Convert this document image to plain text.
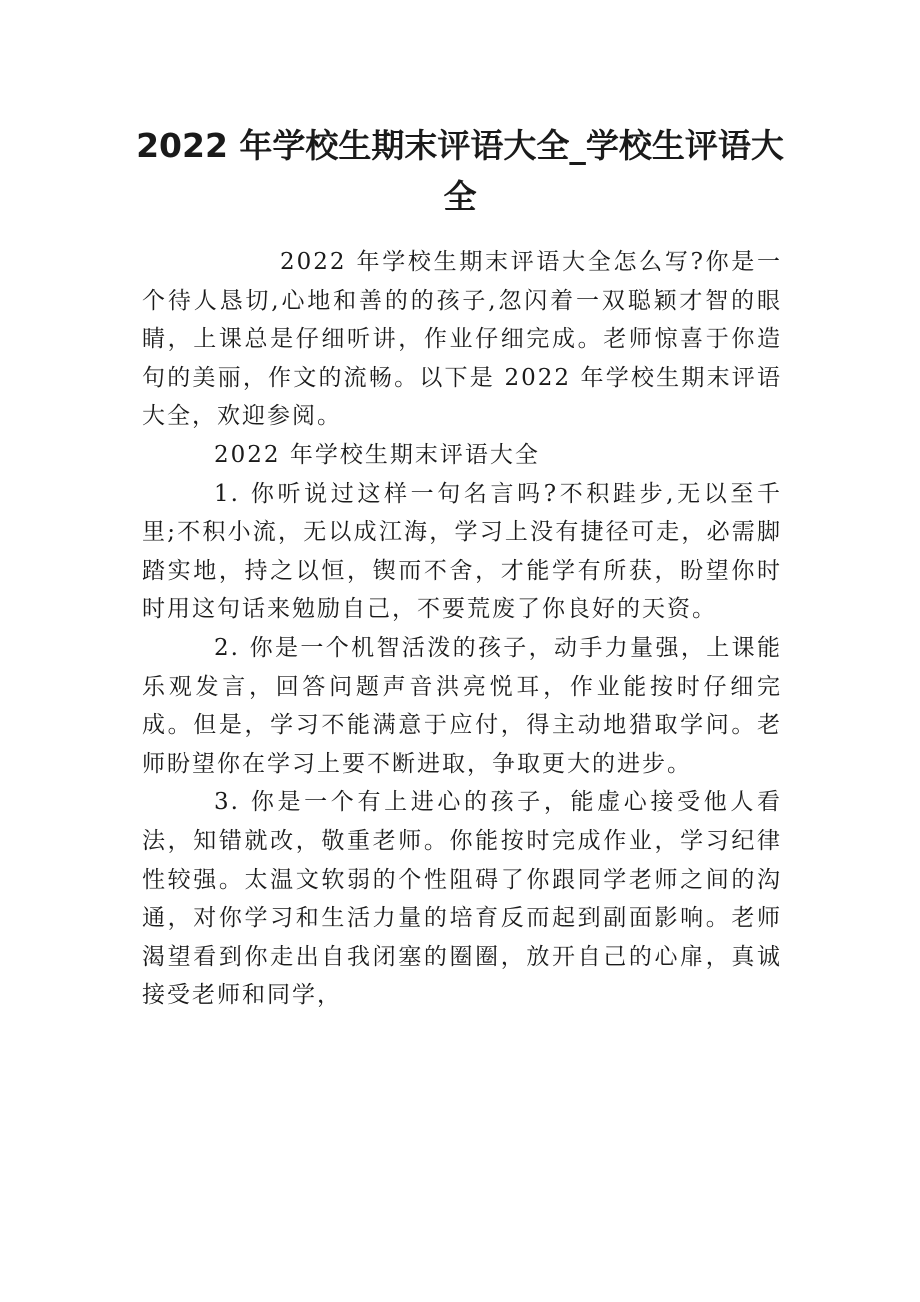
2022 年学校生期末评语大全_学校生评语大全

2022 年学校生期末评语大全怎么写?你是一个待人恳切,心地和善的的孩子,忽闪着一双聪颖才智的眼睛，上课总是仔细听讲，作业仔细完成。老师惊喜于你造句的美丽，作文的流畅。以下是 2022 年学校生期末评语大全，欢迎参阅。

2022 年学校生期末评语大全

1. 你听说过这样一句名言吗?不积跬步,无以至千里;不积小流，无以成江海，学习上没有捷径可走，必需脚踏实地，持之以恒，锲而不舍，才能学有所获，盼望你时时用这句话来勉励自己，不要荒废了你良好的天资。

2. 你是一个机智活泼的孩子，动手力量强，上课能乐观发言，回答问题声音洪亮悦耳，作业能按时仔细完成。但是，学习不能满意于应付，得主动地猎取学问。老师盼望你在学习上要不断进取，争取更大的进步。

3. 你是一个有上进心的孩子，能虚心接受他人看法，知错就改，敬重老师。你能按时完成作业，学习纪律性较强。太温文软弱的个性阻碍了你跟同学老师之间的沟通，对你学习和生活力量的培育反而起到副面影响。老师渴望看到你走出自我闭塞的圈圈，放开自己的心扉，真诚接受老师和同学，
